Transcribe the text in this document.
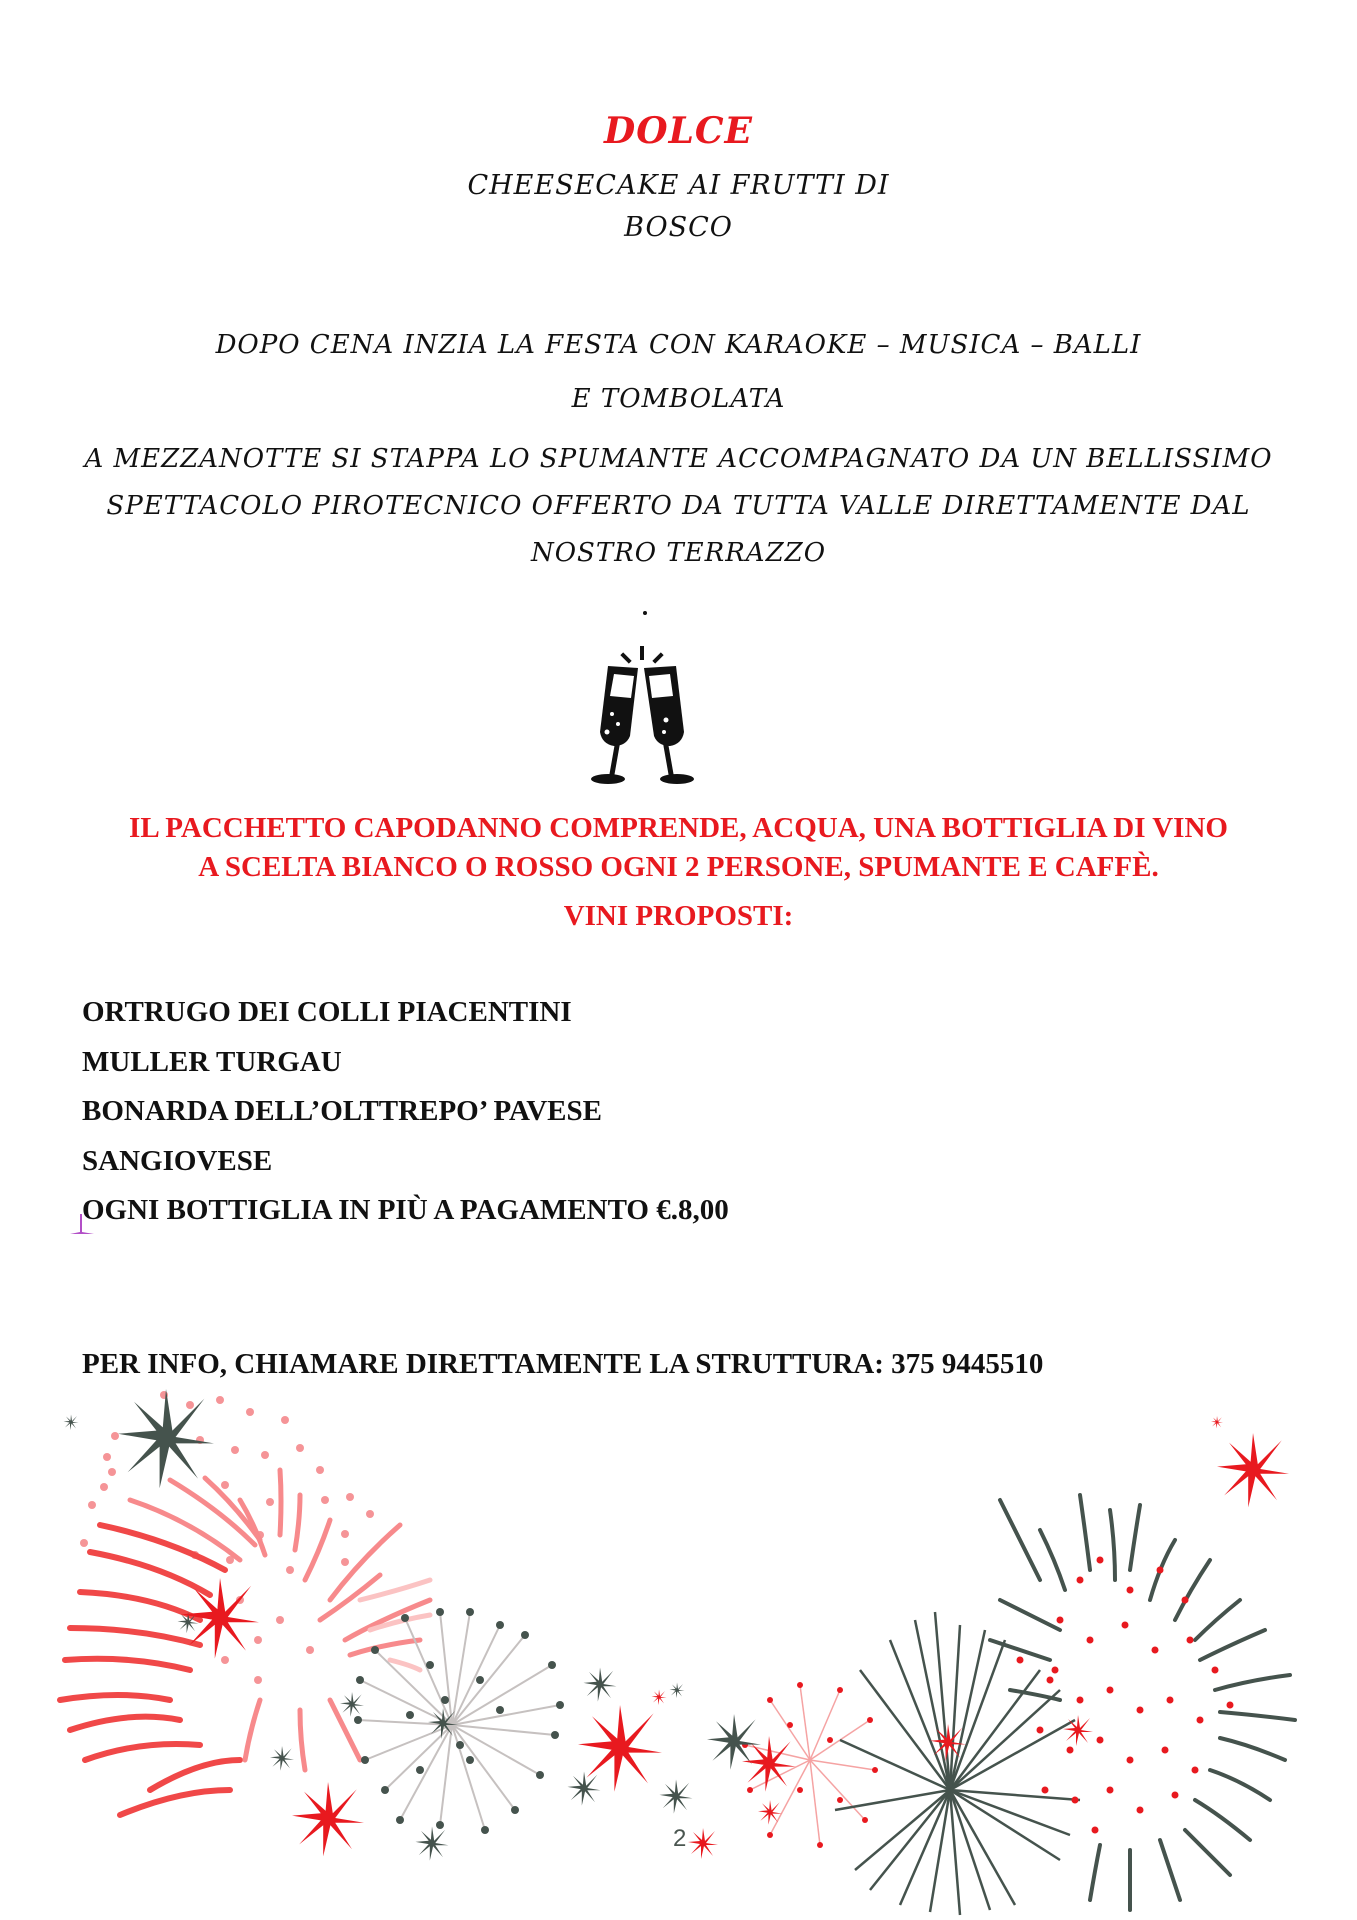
DOLCE
CHEESECAKE AI FRUTTI DI
BOSCO
DOPO CENA INZIA LA FESTA CON KARAOKE – MUSICA – BALLI
E TOMBOLATA
A MEZZANOTTE SI STAPPA LO SPUMANTE ACCOMPAGNATO DA UN BELLISSIMO
SPETTACOLO PIROTECNICO OFFERTO DA TUTTA VALLE DIRETTAMENTE DAL
NOSTRO TERRAZZO
IL PACCHETTO CAPODANNO COMPRENDE, ACQUA, UNA BOTTIGLIA DI VINO
A SCELTA BIANCO O ROSSO OGNI 2 PERSONE, SPUMANTE E CAFFÈ.
VINI PROPOSTI:
ORTRUGO DEI COLLI PIACENTINI
MULLER TURGAU
BONARDA DELL’OLTTREPO’ PAVESE
SANGIOVESE
OGNI BOTTIGLIA IN PIÙ A PAGAMENTO €.8,00
PER INFO, CHIAMARE DIRETTAMENTE LA STRUTTURA: 375 9445510
2
